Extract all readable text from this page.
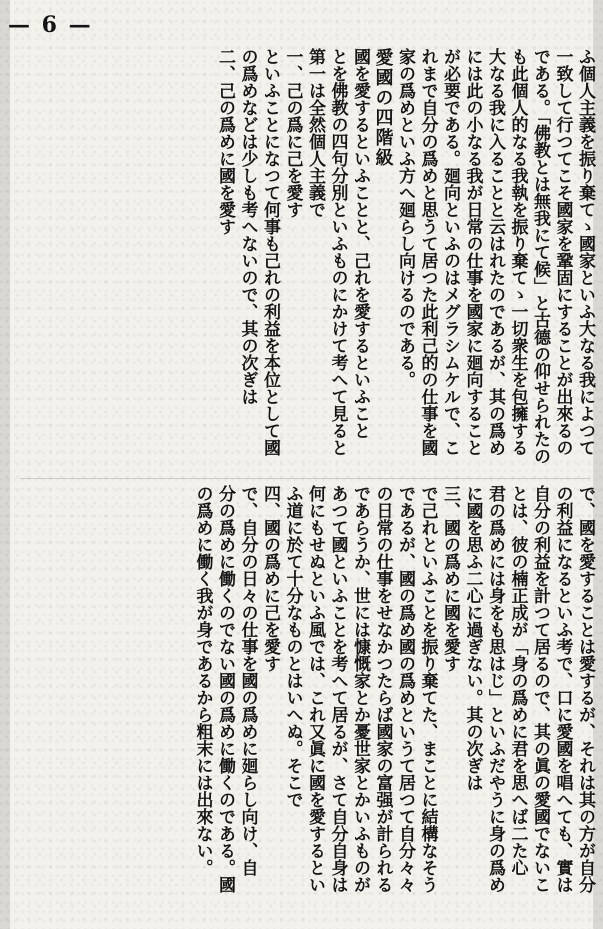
— 6 —
ふ個人主義を振り棄てゝ國家といふ大なる我によつて
一致して行つてこそ國家を鞏固にすることが出來るの
である。「佛教とは無我にて候」と古德の仰せられたの
も此個人的なる我執を振り棄てゝ一切衆生を包擁する
大なる我に入ることと云はれたのであるが、其の爲め
には此の小なる我が日常の仕事を國家に廻向すること
が必要である。廻向といふのはメグラシムケルで、こ
れまで自分の爲めと思うて居つた此利己的の仕事を國
家の爲めといふ方へ廻らし向けるのである。
愛國の四階級
國を愛するといふことと、己れを愛するといふこと
とを佛教の四句分別といふものにかけて考へて見ると
第一は全然個人主義で
一、己の爲に己を愛す
といふことになつて何事も己れの利益を本位として國
の爲めなどは少しも考へないので、其の次ぎは
二、己の爲めに國を愛す
で、國を愛することは愛するが、それは其の方が自分
の利益になるといふ考で、口に愛國を唱へても、實は
自分の利益を計つて居るので、其の眞の愛國でないこ
とは、彼の楠正成が「身の爲めに君を思へば二た心
君の爲めには身をも思はじ」といふだやうに身の爲め
に國を思ふ二心に過ぎない。其の次ぎは
三、國の爲めに國を愛す
で己れといふことを振り棄てた、まことに結構なそう
であるが、國の爲め國の爲めというて居つて自分々々
の日常の仕事をせなかつたらば國家の富强が計られる
であらうか、世には慷慨家とか憂世家とかいふものが
あつて國といふことを考へて居るが、さて自分自身は
何にもせぬといふ風では、これ又眞に國を愛するとい
ふ道に於て十分なものとはいへぬ。そこで
四、國の爲めに己を愛す
で、自分の日々の仕事を國の爲めに廻らし向け、自
分の爲めに働くのでない國の爲めに働くのである。國
の爲めに働く我が身であるから粗末には出來ない。
